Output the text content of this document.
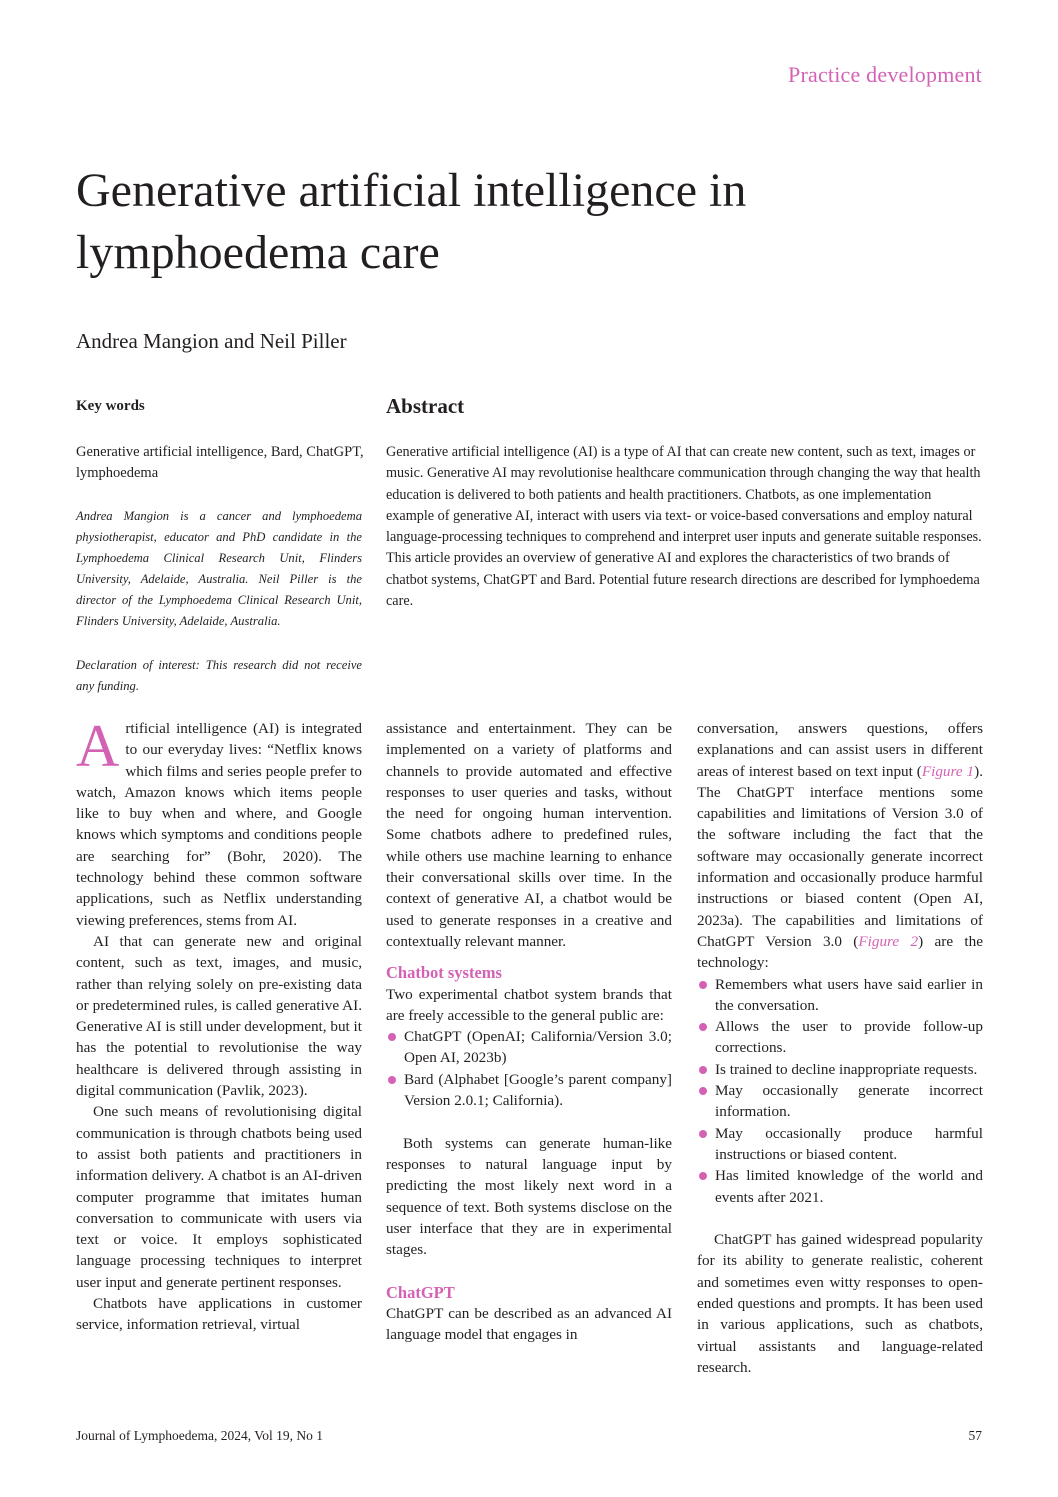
Practice development
Generative artificial intelligence in lymphoedema care
Andrea Mangion and Neil Piller
Key words
Generative artificial intelligence, Bard, ChatGPT, lymphoedema

Andrea Mangion is a cancer and lymphoedema physiotherapist, educator and PhD candidate in the Lymphoedema Clinical Research Unit, Flinders University, Adelaide, Australia. Neil Piller is the director of the Lymphoedema Clinical Research Unit, Flinders University, Adelaide, Australia.

Declaration of interest: This research did not receive any funding.

Abstract

Generative artificial intelligence (AI) is a type of AI that can create new content, such as text, images or music. Generative AI may revolutionise healthcare communication through changing the way that health education is delivered to both patients and health practitioners. Chatbots, as one implementation example of generative AI, interact with users via text- or voice-based conversations and employ natural language-processing techniques to comprehend and interpret user inputs and generate suitable responses. This article provides an overview of generative AI and explores the characteristics of two brands of chatbot systems, ChatGPT and Bard. Potential future research directions are described for lymphoedema care.

Artificial intelligence (AI) is integrated to our everyday lives: “Netflix knows which films and series people prefer to watch, Amazon knows which items people like to buy when and where, and Google knows which symptoms and conditions people are searching for” (Bohr, 2020). The technology behind these common software applications, such as Netflix understanding viewing preferences, stems from AI.

AI that can generate new and original content, such as text, images, and music, rather than relying solely on pre-existing data or predetermined rules, is called generative AI. Generative AI is still under development, but it has the potential to revolutionise the way healthcare is delivered through assisting in digital communication (Pavlik, 2023).

One such means of revolutionising digital communication is through chatbots being used to assist both patients and practitioners in information delivery. A chatbot is an AI-driven computer programme that imitates human conversation to communicate with users via text or voice. It employs sophisticated language processing techniques to interpret user input and generate pertinent responses.

Chatbots have applications in customer service, information retrieval, virtual

assistance and entertainment. They can be implemented on a variety of platforms and channels to provide automated and effective responses to user queries and tasks, without the need for ongoing human intervention. Some chatbots adhere to predefined rules, while others use machine learning to enhance their conversational skills over time. In the context of generative AI, a chatbot would be used to generate responses in a creative and contextually relevant manner.

Chatbot systems

Two experimental chatbot system brands that are freely accessible to the general public are:

ChatGPT (OpenAI; California/Version 3.0; Open AI, 2023b)
Bard (Alphabet [Google’s parent company] Version 2.0.1; California).

Both systems can generate human-like responses to natural language input by predicting the most likely next word in a sequence of text. Both systems disclose on the user interface that they are in experimental stages.

ChatGPT

ChatGPT can be described as an advanced AI language model that engages in

conversation, answers questions, offers explanations and can assist users in different areas of interest based on text input (Figure 1). The ChatGPT interface mentions some capabilities and limitations of Version 3.0 of the software including the fact that the software may occasionally generate incorrect information and occasionally produce harmful instructions or biased content (Open AI, 2023a). The capabilities and limitations of ChatGPT Version 3.0 (Figure 2) are the technology:

Remembers what users have said earlier in the conversation.
Allows the user to provide follow-up corrections.
Is trained to decline inappropriate requests.
May occasionally generate incorrect information.
May occasionally produce harmful instructions or biased content.
Has limited knowledge of the world and events after 2021.

ChatGPT has gained widespread popularity for its ability to generate realistic, coherent and sometimes even witty responses to open-ended questions and prompts. It has been used in various applications, such as chatbots, virtual assistants and language-related research.

Journal of Lymphoedema, 2024, Vol 19, No 1	57
